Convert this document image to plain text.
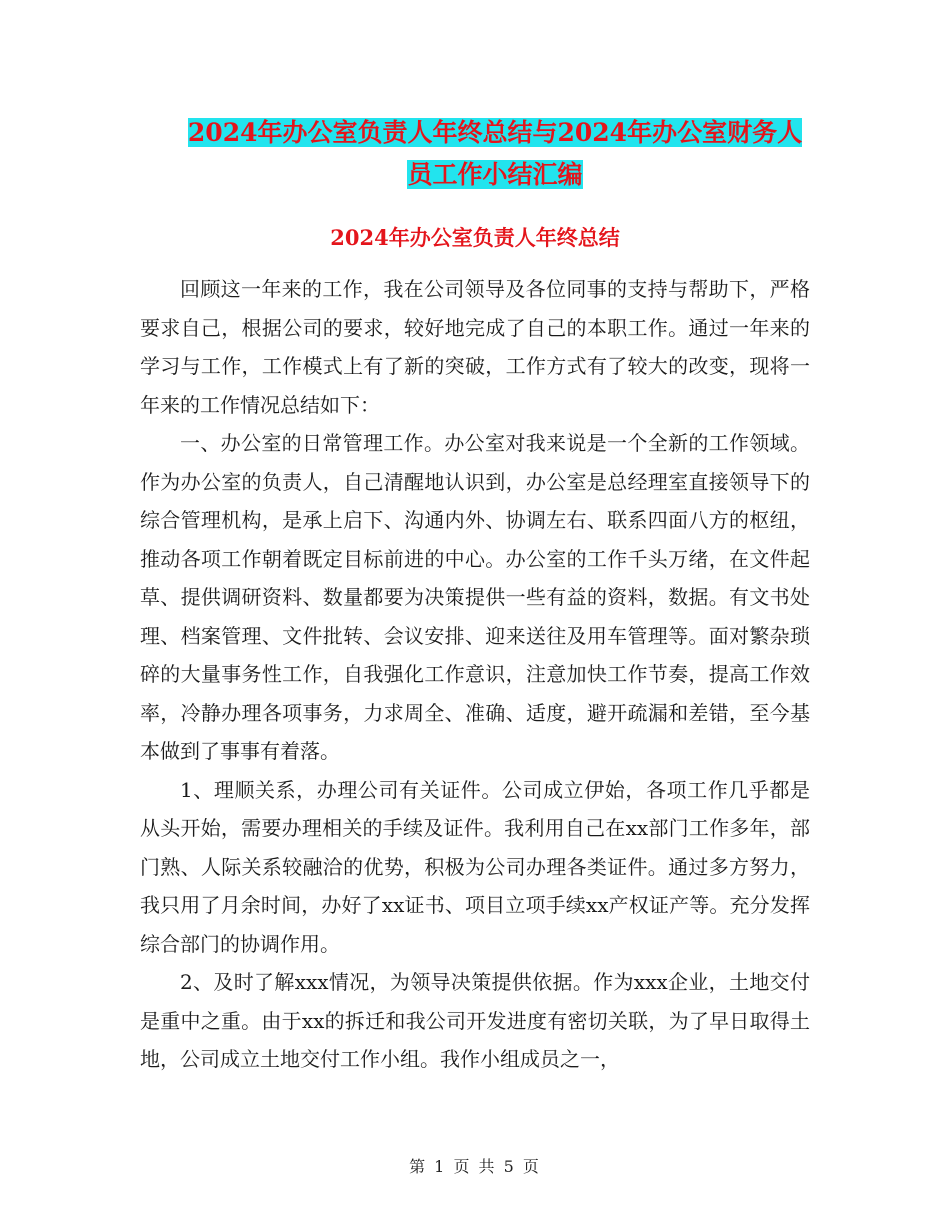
2024年办公室负责人年终总结与2024年办公室财务人
员工作小结汇编
2024年办公室负责人年终总结

回顾这一年来的工作，我在公司领导及各位同事的支持与帮助下，严格要求自己，根据公司的要求，较好地完成了自己的本职工作。通过一年来的学习与工作，工作模式上有了新的突破，工作方式有了较大的改变，现将一年来的工作情况总结如下：

一、办公室的日常管理工作。办公室对我来说是一个全新的工作领域。作为办公室的负责人，自己清醒地认识到，办公室是总经理室直接领导下的综合管理机构，是承上启下、沟通内外、协调左右、联系四面八方的枢纽，推动各项工作朝着既定目标前进的中心。办公室的工作千头万绪，在文件起草、提供调研资料、数量都要为决策提供一些有益的资料，数据。有文书处理、档案管理、文件批转、会议安排、迎来送往及用车管理等。面对繁杂琐碎的大量事务性工作，自我强化工作意识，注意加快工作节奏，提高工作效率，冷静办理各项事务，力求周全、准确、适度，避开疏漏和差错，至今基本做到了事事有着落。

1、理顺关系，办理公司有关证件。公司成立伊始，各项工作几乎都是从头开始，需要办理相关的手续及证件。我利用自己在xx部门工作多年，部门熟、人际关系较融洽的优势，积极为公司办理各类证件。通过多方努力，我只用了月余时间，办好了xx证书、项目立项手续xx产权证产等。充分发挥综合部门的协调作用。

2、及时了解xxx情况，为领导决策提供依据。作为xxx企业，土地交付是重中之重。由于xx的拆迁和我公司开发进度有密切关联，为了早日取得土地，公司成立土地交付工作小组。我作小组成员之一，

第 1 页 共 5 页
